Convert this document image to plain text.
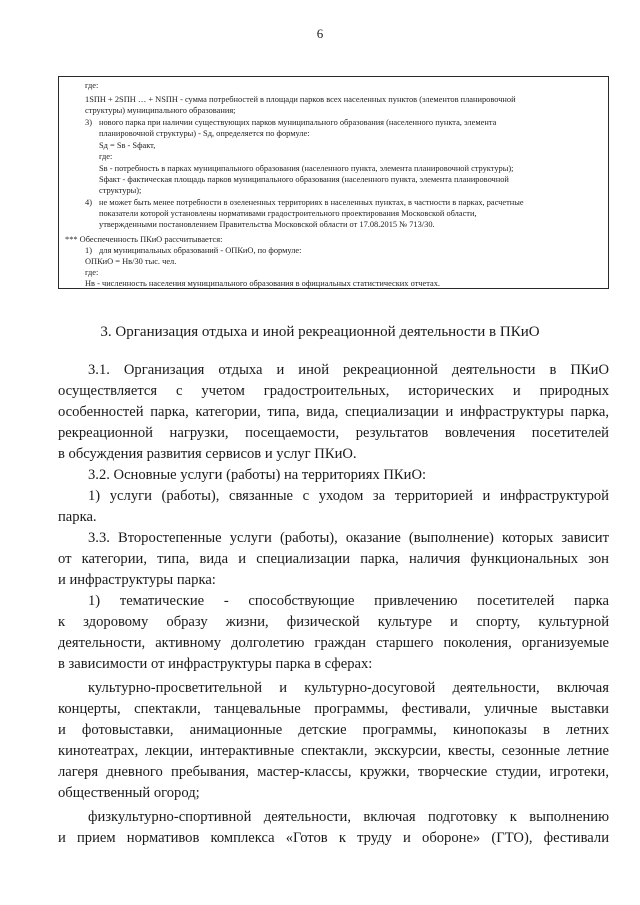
6
где:
1SПН + 2SПН … + NSПН - сумма потребностей в площади парков всех населенных пунктов (элементов планировочной
структуры) муниципального образования;
3) нового парка при наличии существующих парков муниципального образования (населенного пункта, элемента
планировочной структуры) - Sд, определяется по формуле:
Sд = Sв - Sфакт,
где:
Sв - потребность в парках муниципального образования (населенного пункта, элемента планировочной структуры);
Sфакт - фактическая площадь парков муниципального образования (населенного пункта, элемента планировочной
структуры);
4) не может быть менее потребности в озелененных территориях в населенных пунктах, в частности в парках, расчетные
показатели которой установлены нормативами градостроительного проектирования Московской области,
утвержденными постановлением Правительства Московской области от 17.08.2015 № 713/30.
*** Обеспеченность ПКиО рассчитывается:
1) для муниципальных образований - ОПКиО, по формуле:
ОПКиО = Нв/30 тыс. чел.
где:
Нв - численность населения муниципального образования в официальных статистических отчетах.
3. Организация отдыха и иной рекреационной деятельности в ПКиО
3.1. Организация отдыха и иной рекреационной деятельности в ПКиО
осуществляется с учетом градостроительных, исторических и природных
особенностей парка, категории, типа, вида, специализации и инфраструктуры парка,
рекреационной нагрузки, посещаемости, результатов вовлечения посетителей
в обсуждения развития сервисов и услуг ПКиО.
3.2. Основные услуги (работы) на территориях ПКиО:
1) услуги (работы), связанные с уходом за территорией и инфраструктурой
парка.
3.3. Второстепенные услуги (работы), оказание (выполнение) которых зависит
от категории, типа, вида и специализации парка, наличия функциональных зон
и инфраструктуры парка:
1) тематические - способствующие привлечению посетителей парка
к здоровому образу жизни, физической культуре и спорту, культурной
деятельности, активному долголетию граждан старшего поколения, организуемые
в зависимости от инфраструктуры парка в сферах:
культурно-просветительной и культурно-досуговой деятельности, включая
концерты, спектакли, танцевальные программы, фестивали, уличные выставки
и фотовыставки, анимационные детские программы, кинопоказы в летних
кинотеатрах, лекции, интерактивные спектакли, экскурсии, квесты, сезонные летние
лагеря дневного пребывания, мастер-классы, кружки, творческие студии, игротеки,
общественный огород;
физкультурно-спортивной деятельности, включая подготовку к выполнению
и прием нормативов комплекса «Готов к труду и обороне» (ГТО), фестивали
